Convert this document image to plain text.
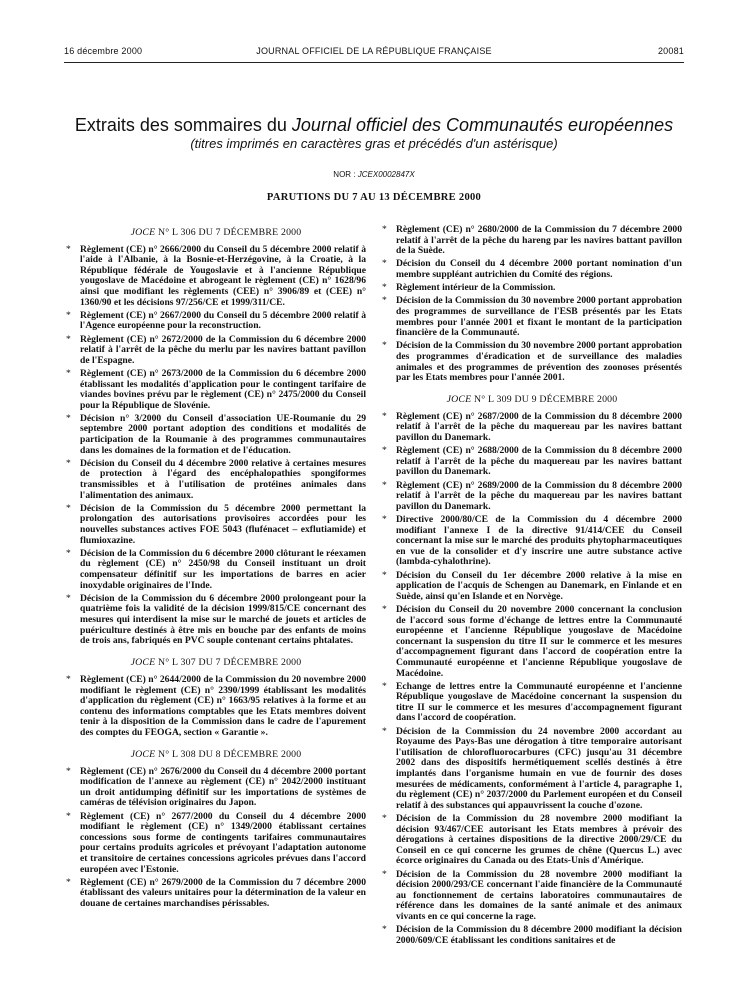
16 décembre 2000	JOURNAL OFFICIEL DE LA RÉPUBLIQUE FRANÇAISE	20081
Extraits des sommaires du Journal officiel des Communautés européennes
(titres imprimés en caractères gras et précédés d'un astérisque)
NOR : JCEX0002847X
PARUTIONS DU 7 AU 13 DÉCEMBRE 2000
JOCE N° L 306 DU 7 DÉCEMBRE 2000
* Règlement (CE) n° 2666/2000 du Conseil du 5 décembre 2000 relatif à l'aide à l'Albanie, à la Bosnie-et-Herzégovine, à la Croatie, à la République fédérale de Yougoslavie et à l'ancienne République yougoslave de Macédoine et abrogeant le règlement (CE) n° 1628/96 ainsi que modifiant les règlements (CEE) n° 3906/89 et (CEE) n° 1360/90 et les décisions 97/256/CE et 1999/311/CE.
* Règlement (CE) n° 2667/2000 du Conseil du 5 décembre 2000 relatif à l'Agence européenne pour la reconstruction.
* Règlement (CE) n° 2672/2000 de la Commission du 6 décembre 2000 relatif à l'arrêt de la pêche du merlu par les navires battant pavillon de l'Espagne.
* Règlement (CE) n° 2673/2000 de la Commission du 6 décembre 2000 établissant les modalités d'application pour le contingent tarifaire de viandes bovines prévu par le règlement (CE) n° 2475/2000 du Conseil pour la République de Slovénie.
* Décision n° 3/2000 du Conseil d'association UE-Roumanie du 29 septembre 2000 portant adoption des conditions et modalités de participation de la Roumanie à des programmes communautaires dans les domaines de la formation et de l'éducation.
* Décision du Conseil du 4 décembre 2000 relative à certaines mesures de protection à l'égard des encéphalopathies spongiformes transmissibles et à l'utilisation de protéines animales dans l'alimentation des animaux.
* Décision de la Commission du 5 décembre 2000 permettant la prolongation des autorisations provisoires accordées pour les nouvelles substances actives FOE 5043 (flufénacet – exflutiamide) et flumioxazine.
* Décision de la Commission du 6 décembre 2000 clôturant le réexamen du règlement (CE) n° 2450/98 du Conseil instituant un droit compensateur définitif sur les importations de barres en acier inoxydable originaires de l'Inde.
* Décision de la Commission du 6 décembre 2000 prolongeant pour la quatrième fois la validité de la décision 1999/815/CE concernant des mesures qui interdisent la mise sur le marché de jouets et articles de puériculture destinés à être mis en bouche par des enfants de moins de trois ans, fabriqués en PVC souple contenant certains phtalates.
JOCE N° L 307 DU 7 DÉCEMBRE 2000
* Règlement (CE) n° 2644/2000 de la Commission du 20 novembre 2000 modifiant le règlement (CE) n° 2390/1999 établissant les modalités d'application du règlement (CE) n° 1663/95 relatives à la forme et au contenu des informations comptables que les Etats membres doivent tenir à la disposition de la Commission dans le cadre de l'apurement des comptes du FEOGA, section « Garantie ».
JOCE N° L 308 DU 8 DÉCEMBRE 2000
* Règlement (CE) n° 2676/2000 du Conseil du 4 décembre 2000 portant modification de l'annexe au règlement (CE) n° 2042/2000 instituant un droit antidumping définitif sur les importations de systèmes de caméras de télévision originaires du Japon.
* Règlement (CE) n° 2677/2000 du Conseil du 4 décembre 2000 modifiant le règlement (CE) n° 1349/2000 établissant certaines concessions sous forme de contingents tarifaires communautaires pour certains produits agricoles et prévoyant l'adaptation autonome et transitoire de certaines concessions agricoles prévues dans l'accord européen avec l'Estonie.
* Règlement (CE) n° 2679/2000 de la Commission du 7 décembre 2000 établissant des valeurs unitaires pour la détermination de la valeur en douane de certaines marchandises périssables.
* Règlement (CE) n° 2680/2000 de la Commission du 7 décembre 2000 relatif à l'arrêt de la pêche du hareng par les navires battant pavillon de la Suède.
* Décision du Conseil du 4 décembre 2000 portant nomination d'un membre suppléant autrichien du Comité des régions.
* Règlement intérieur de la Commission.
* Décision de la Commission du 30 novembre 2000 portant approbation des programmes de surveillance de l'ESB présentés par les Etats membres pour l'année 2001 et fixant le montant de la participation financière de la Communauté.
* Décision de la Commission du 30 novembre 2000 portant approbation des programmes d'éradication et de surveillance des maladies animales et des programmes de prévention des zoonoses présentés par les Etats membres pour l'année 2001.
JOCE N° L 309 DU 9 DÉCEMBRE 2000
* Règlement (CE) n° 2687/2000 de la Commission du 8 décembre 2000 relatif à l'arrêt de la pêche du maquereau par les navires battant pavillon du Danemark.
* Règlement (CE) n° 2688/2000 de la Commission du 8 décembre 2000 relatif à l'arrêt de la pêche du maquereau par les navires battant pavillon du Danemark.
* Règlement (CE) n° 2689/2000 de la Commission du 8 décembre 2000 relatif à l'arrêt de la pêche du maquereau par les navires battant pavillon du Danemark.
* Directive 2000/80/CE de la Commission du 4 décembre 2000 modifiant l'annexe I de la directive 91/414/CEE du Conseil concernant la mise sur le marché des produits phytopharmaceutiques en vue de la consolider et d'y inscrire une autre substance active (lambda-cyhalothrine).
* Décision du Conseil du 1er décembre 2000 relative à la mise en application de l'acquis de Schengen au Danemark, en Finlande et en Suède, ainsi qu'en Islande et en Norvège.
* Décision du Conseil du 20 novembre 2000 concernant la conclusion de l'accord sous forme d'échange de lettres entre la Communauté européenne et l'ancienne République yougoslave de Macédoine concernant la suspension du titre II sur le commerce et les mesures d'accompagnement figurant dans l'accord de coopération entre la Communauté européenne et l'ancienne République yougoslave de Macédoine.
* Echange de lettres entre la Communauté européenne et l'ancienne République yougoslave de Macédoine concernant la suspension du titre II sur le commerce et les mesures d'accompagnement figurant dans l'accord de coopération.
* Décision de la Commission du 24 novembre 2000 accordant au Royaume des Pays-Bas une dérogation à titre temporaire autorisant l'utilisation de chlorofluorocarbures (CFC) jusqu'au 31 décembre 2002 dans des dispositifs hermétiquement scellés destinés à être implantés dans l'organisme humain en vue de fournir des doses mesurées de médicaments, conformément à l'article 4, paragraphe 1, du règlement (CE) n° 2037/2000 du Parlement européen et du Conseil relatif à des substances qui appauvrissent la couche d'ozone.
* Décision de la Commission du 28 novembre 2000 modifiant la décision 93/467/CEE autorisant les Etats membres à prévoir des dérogations à certaines dispositions de la directive 2000/29/CE du Conseil en ce qui concerne les grumes de chêne (Quercus L.) avec écorce originaires du Canada ou des Etats-Unis d'Amérique.
* Décision de la Commission du 28 novembre 2000 modifiant la décision 2000/293/CE concernant l'aide financière de la Communauté au fonctionnement de certains laboratoires communautaires de référence dans les domaines de la santé animale et des animaux vivants en ce qui concerne la rage.
* Décision de la Commission du 8 décembre 2000 modifiant la décision 2000/609/CE établissant les conditions sanitaires et de
